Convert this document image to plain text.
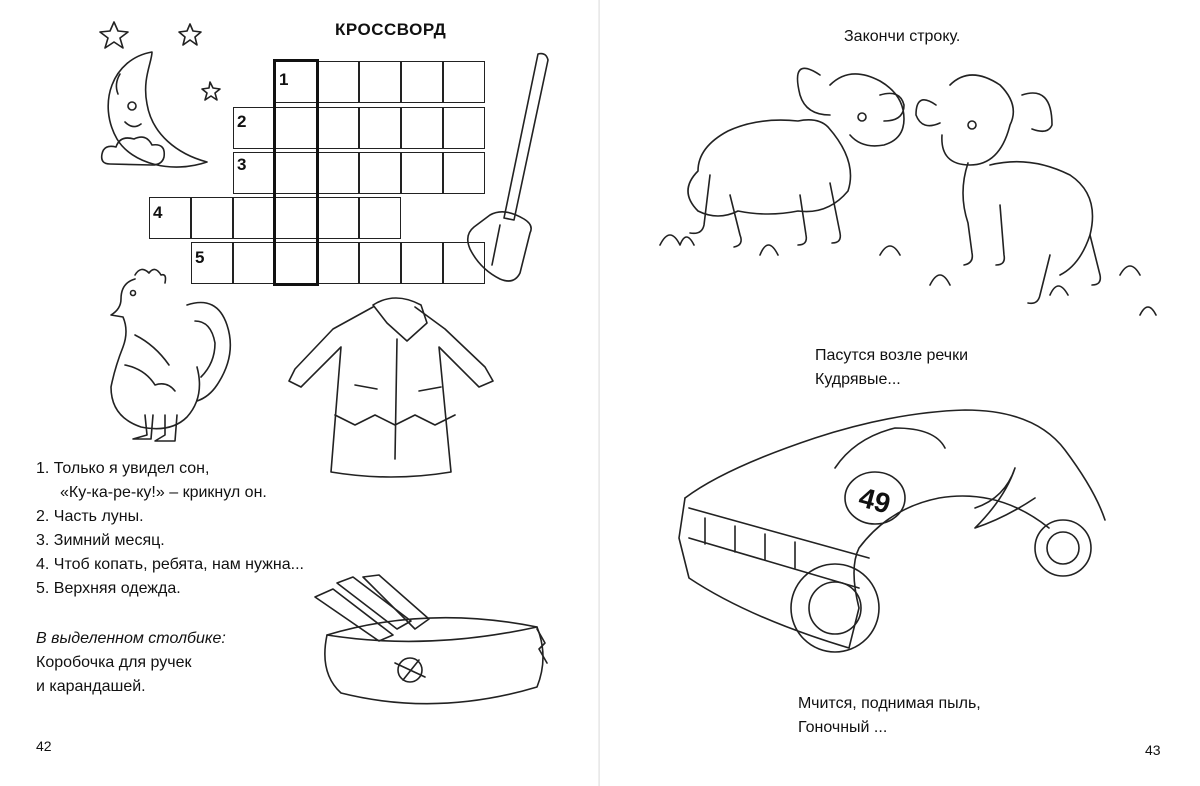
КРОССВОРД
1
2
3
4
5
1. Только я увидел сон,
«Ку-ка-ре-ку!» – крикнул он.
2. Часть луны.
3. Зимний месяц.
4. Чтоб копать, ребята, нам нужна...
5. Верхняя одежда.
В выделенном столбике:
Коробочка для ручек
и карандашей.
42
Закончи строку.
Пасутся возле речки
Кудрявые...
49
Мчится, поднимая пыль,
Гоночный ...
43
